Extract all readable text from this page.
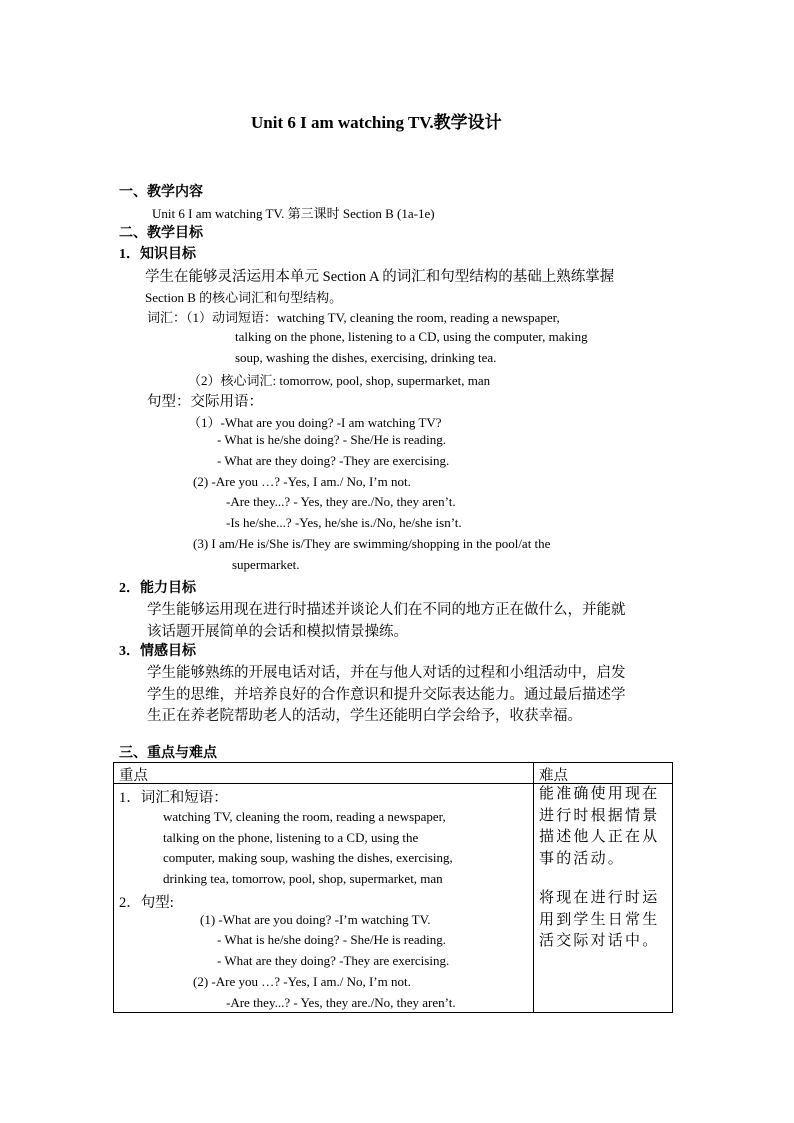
Unit 6 I am watching TV.教学设计
一、教学内容
Unit 6 I am watching TV. 第三课时 Section B (1a-1e)
二、教学目标
1．知识目标
学生在能够灵活运用本单元 Section A 的词汇和句型结构的基础上熟练掌握
Section B 的核心词汇和句型结构。
词汇：（1）动词短语：watching TV, cleaning the room, reading a newspaper,
talking on the phone, listening to a CD, using the computer, making
soup, washing the dishes, exercising, drinking tea.
（2）核心词汇: tomorrow, pool, shop, supermarket, man
句型：交际用语：
（1）-What are you doing? -I am watching TV?
- What is he/she doing? - She/He is reading.
- What are they doing? -They are exercising.
(2) -Are you …? -Yes, I am./ No, I’m not.
-Are they...? - Yes, they are./No, they aren’t.
-Is he/she...? -Yes, he/she is./No, he/she isn’t.
(3) I am/He is/She is/They are swimming/shopping in the pool/at the
supermarket.
2．能力目标
学生能够运用现在进行时描述并谈论人们在不同的地方正在做什么，并能就
该话题开展简单的会话和模拟情景操练。
3．情感目标
学生能够熟练的开展电话对话，并在与他人对话的过程和小组活动中，启发
学生的思维，并培养良好的合作意识和提升交际表达能力。通过最后描述学
生正在养老院帮助老人的活动，学生还能明白学会给予，收获幸福。
三、重点与难点
重点	难点
1．词汇和短语：
watching TV, cleaning the room, reading a newspaper,
talking on the phone, listening to a CD, using the
computer, making soup, washing the dishes, exercising,
drinking tea, tomorrow, pool, shop, supermarket, man
2．句型:
(1) -What are you doing? -I’m watching TV.
- What is he/she doing? - She/He is reading.
- What are they doing? -They are exercising.
(2) -Are you …? -Yes, I am./ No, I’m not.
-Are they...? - Yes, they are./No, they aren’t.
能准确使用现在进行时根据情景描述他人正在从事的活动。
将现在进行时运用到学生日常生活交际对话中。
